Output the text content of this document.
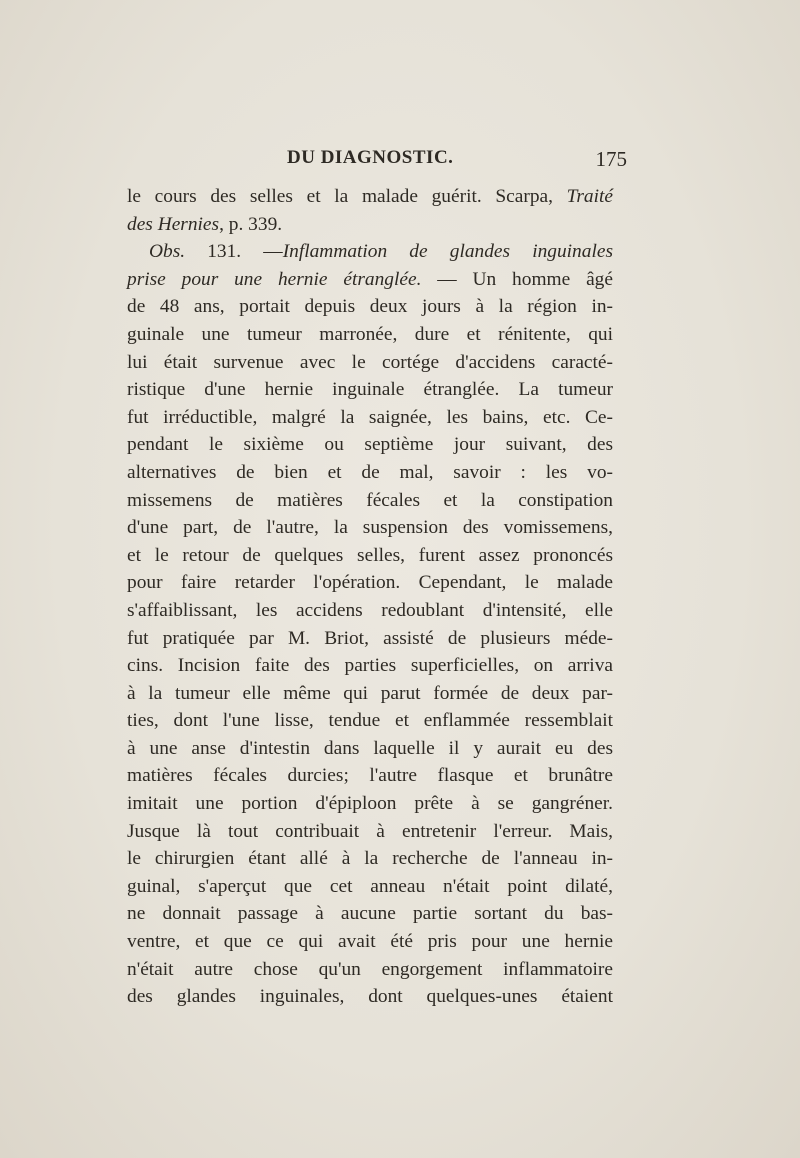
DU DIAGNOSTIC.	175
le cours des selles et la malade guérit. Scarpa, Traité
des Hernies, p. 339.
Obs. 131. —Inflammation de glandes inguinales
prise pour une hernie étranglée. — Un homme âgé
de 48 ans, portait depuis deux jours à la région in-
guinale une tumeur marronée, dure et rénitente, qui
lui était survenue avec le cortége d'accidens caracté-
ristique d'une hernie inguinale étranglée. La tumeur
fut irréductible, malgré la saignée, les bains, etc. Ce-
pendant le sixième ou septième jour suivant, des
alternatives de bien et de mal, savoir : les vo-
missemens de matières fécales et la constipation
d'une part, de l'autre, la suspension des vomissemens,
et le retour de quelques selles, furent assez prononcés
pour faire retarder l'opération. Cependant, le malade
s'affaiblissant, les accidens redoublant d'intensité, elle
fut pratiquée par M. Briot, assisté de plusieurs méde-
cins. Incision faite des parties superficielles, on arriva
à la tumeur elle même qui parut formée de deux par-
ties, dont l'une lisse, tendue et enflammée ressemblait
à une anse d'intestin dans laquelle il y aurait eu des
matières fécales durcies; l'autre flasque et brunâtre
imitait une portion d'épiploon prête à se gangréner.
Jusque là tout contribuait à entretenir l'erreur. Mais,
le chirurgien étant allé à la recherche de l'anneau in-
guinal, s'aperçut que cet anneau n'était point dilaté,
ne donnait passage à aucune partie sortant du bas-
ventre, et que ce qui avait été pris pour une hernie
n'était autre chose qu'un engorgement inflammatoire
des glandes inguinales, dont quelques-unes étaient
